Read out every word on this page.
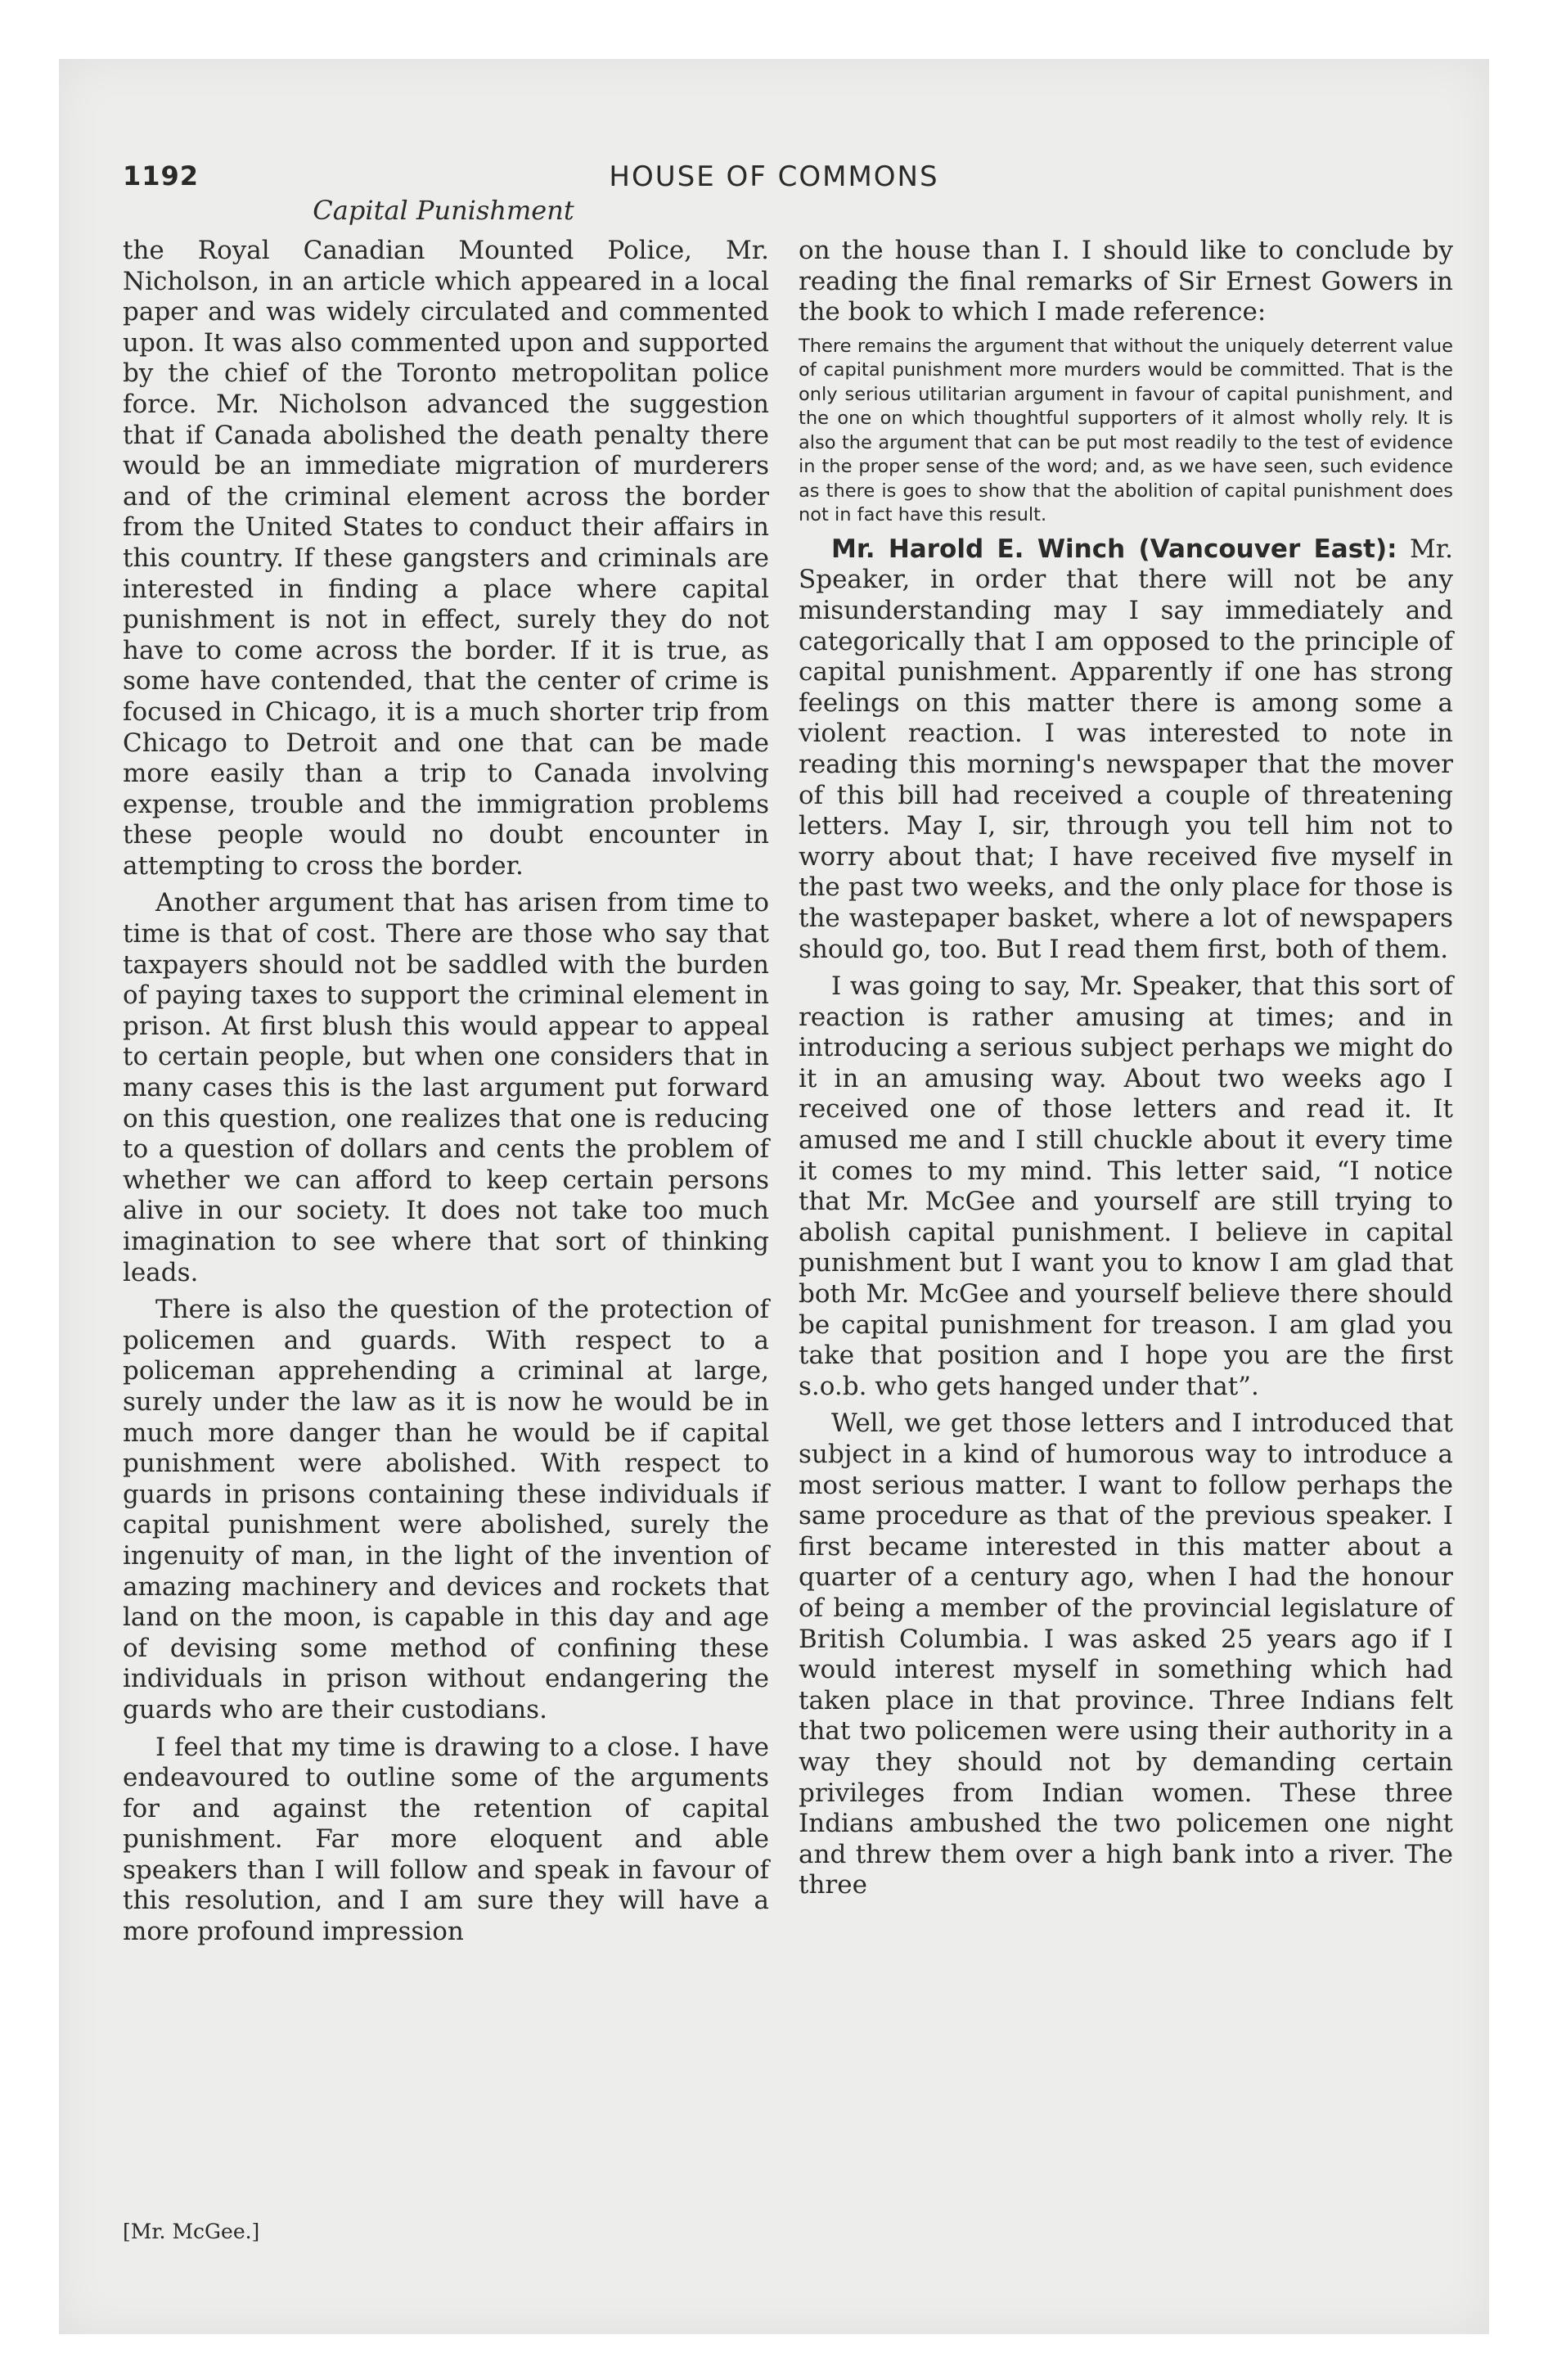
1192	HOUSE OF COMMONS
Capital Punishment

the Royal Canadian Mounted Police, Mr. Nicholson, in an article which appeared in a local paper and was widely circulated and commented upon. It was also commented upon and supported by the chief of the Toronto metropolitan police force. Mr. Nicholson advanced the suggestion that if Canada abolished the death penalty there would be an immediate migration of murderers and of the criminal element across the border from the United States to conduct their affairs in this country. If these gangsters and criminals are interested in finding a place where capital punishment is not in effect, surely they do not have to come across the border. If it is true, as some have contended, that the center of crime is focused in Chicago, it is a much shorter trip from Chicago to Detroit and one that can be made more easily than a trip to Canada involving expense, trouble and the immigration problems these people would no doubt encounter in attempting to cross the border.

Another argument that has arisen from time to time is that of cost. There are those who say that taxpayers should not be saddled with the burden of paying taxes to support the criminal element in prison. At first blush this would appear to appeal to certain people, but when one considers that in many cases this is the last argument put forward on this question, one realizes that one is reducing to a question of dollars and cents the problem of whether we can afford to keep certain persons alive in our society. It does not take too much imagination to see where that sort of thinking leads.

There is also the question of the protection of policemen and guards. With respect to a policeman apprehending a criminal at large, surely under the law as it is now he would be in much more danger than he would be if capital punishment were abolished. With respect to guards in prisons containing these individuals if capital punishment were abolished, surely the ingenuity of man, in the light of the invention of amazing machinery and devices and rockets that land on the moon, is capable in this day and age of devising some method of confining these individuals in prison without endangering the guards who are their custodians.

I feel that my time is drawing to a close. I have endeavoured to outline some of the arguments for and against the retention of capital punishment. Far more eloquent and able speakers than I will follow and speak in favour of this resolution, and I am sure they will have a more profound impression

on the house than I. I should like to conclude by reading the final remarks of Sir Ernest Gowers in the book to which I made reference:

There remains the argument that without the uniquely deterrent value of capital punishment more murders would be committed. That is the only serious utilitarian argument in favour of capital punishment, and the one on which thoughtful supporters of it almost wholly rely. It is also the argument that can be put most readily to the test of evidence in the proper sense of the word; and, as we have seen, such evidence as there is goes to show that the abolition of capital punishment does not in fact have this result.

Mr. Harold E. Winch (Vancouver East): Mr. Speaker, in order that there will not be any misunderstanding may I say immediately and categorically that I am opposed to the principle of capital punishment. Apparently if one has strong feelings on this matter there is among some a violent reaction. I was interested to note in reading this morning's newspaper that the mover of this bill had received a couple of threatening letters. May I, sir, through you tell him not to worry about that; I have received five myself in the past two weeks, and the only place for those is the wastepaper basket, where a lot of newspapers should go, too. But I read them first, both of them.

I was going to say, Mr. Speaker, that this sort of reaction is rather amusing at times; and in introducing a serious subject perhaps we might do it in an amusing way. About two weeks ago I received one of those letters and read it. It amused me and I still chuckle about it every time it comes to my mind. This letter said, “I notice that Mr. McGee and yourself are still trying to abolish capital punishment. I believe in capital punishment but I want you to know I am glad that both Mr. McGee and yourself believe there should be capital punishment for treason. I am glad you take that position and I hope you are the first s.o.b. who gets hanged under that”.

Well, we get those letters and I introduced that subject in a kind of humorous way to introduce a most serious matter. I want to follow perhaps the same procedure as that of the previous speaker. I first became interested in this matter about a quarter of a century ago, when I had the honour of being a member of the provincial legislature of British Columbia. I was asked 25 years ago if I would interest myself in something which had taken place in that province. Three Indians felt that two policemen were using their authority in a way they should not by demanding certain privileges from Indian women. These three Indians ambushed the two policemen one night and threw them over a high bank into a river. The three

[Mr. McGee.]
